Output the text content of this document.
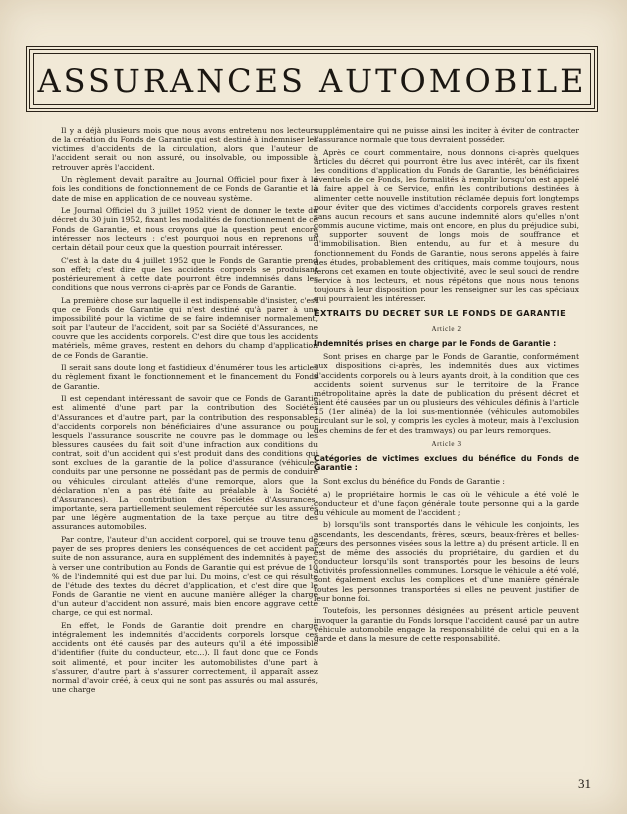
ASSURANCES AUTOMOBILE

Il y a déjà plusieurs mois que nous avons entretenu nos lecteurs de la création du Fonds de Garantie qui est destiné à indemniser les victimes d'accidents de la circulation, alors que l'auteur de l'accident serait ou non assuré, ou insolvable, ou impossible à retrouver après l'accident.

Un règlement devait paraître au Journal Officiel pour fixer à la fois les conditions de fonctionnement de ce Fonds de Garantie et la date de mise en application de ce nouveau système.

Le Journal Officiel du 3 juillet 1952 vient de donner le texte du décret du 30 juin 1952, fixant les modalités de fonctionnement de ce Fonds de Garantie, et nous croyons que la question peut encore intéresser nos lecteurs : c'est pourquoi nous en reprenons un certain détail pour ceux que la question pourrait intéresser.

C'est à la date du 4 juillet 1952 que le Fonds de Garantie prend son effet; c'est dire que les accidents corporels se produisant postérieurement à cette date pourront être indemnisés dans les conditions que nous verrons ci-après par ce Fonds de Garantie.

La première chose sur laquelle il est indispensable d'insister, c'est que ce Fonds de Garantie qui n'est destiné qu'à parer à une impossibilité pour la victime de se faire indemniser normalement, soit par l'auteur de l'accident, soit par sa Société d'Assurances, ne couvre que les accidents corporels. C'est dire que tous les accidents matériels, même graves, restent en dehors du champ d'application de ce Fonds de Garantie.

Il serait sans doute long et fastidieux d'énumérer tous les articles du règlement fixant le fonctionnement et le financement du Fonds de Garantie.

Il est cependant intéressant de savoir que ce Fonds de Garantie est alimenté d'une part par la contribution des Sociétés d'Assurances et d'autre part, par la contribution des responsables d'accidents corporels non bénéficiaires d'une assurance ou pour lesquels l'assurance souscrite ne couvre pas le dommage ou les blessures causées du fait soit d'une infraction aux conditions du contrat, soit d'un accident qui s'est produit dans des conditions qui sont exclues de la garantie de la police d'assurance (véhicules conduits par une personne ne possédant pas de permis de conduire ou véhicules circulant attelés d'une remorque, alors que la déclaration n'en a pas été faite au préalable à la Société d'Assurances). La contribution des Sociétés d'Assurances, importante, sera partiellement seulement répercutée sur les assurés par une légère augmentation de la taxe perçue au titre des assurances automobiles.

Par contre, l'auteur d'un accident corporel, qui se trouve tenu de payer de ses propres deniers les conséquences de cet accident par suite de non assurance, aura en supplément des indemnités à payer, à verser une contribution au Fonds de Garantie qui est prévue de 10 % de l'indemnité qui est due par lui. Du moins, c'est ce qui résulte de l'étude des textes du décret d'application, et c'est dire que le Fonds de Garantie ne vient en aucune manière alléger la charge d'un auteur d'accident non assuré, mais bien encore aggrave cette charge, ce qui est normal.

En effet, le Fonds de Garantie doit prendre en charge intégralement les indemnités d'accidents corporels lorsque ces accidents ont été causés par des auteurs qu'il a été impossible d'identifier (fuite du conducteur, etc...). Il faut donc que ce Fonds soit alimenté, et pour inciter les automobilistes d'une part à s'assurer, d'autre part à s'assurer correctement, il apparaît assez normal d'avoir créé, à ceux qui ne sont pas assurés ou mal assurés, une charge

supplémentaire qui ne puisse ainsi les inciter à éviter de contracter l'assurance normale que tous devraient posséder.

Après ce court commentaire, nous donnons ci-après quelques articles du décret qui pourront être lus avec intérêt, car ils fixent les conditions d'application du Fonds de Garantie, les bénéficiaires éventuels de ce Fonds, les formalités à remplir lorsqu'on est appelé à faire appel à ce Service, enfin les contributions destinées à alimenter cette nouvelle institution réclamée depuis fort longtemps pour éviter que des victimes d'accidents corporels graves restent sans aucun recours et sans aucune indemnité alors qu'elles n'ont commis aucune victime, mais ont encore, en plus du préjudice subi, à supporter souvent de longs mois de souffrance et d'immobilisation. Bien entendu, au fur et à mesure du fonctionnement du Fonds de Garantie, nous serons appelés à faire des études, probablement des critiques, mais comme toujours, nous ferons cet examen en toute objectivité, avec le seul souci de rendre service à nos lecteurs, et nous répétons que nous nous tenons toujours à leur disposition pour les renseigner sur les cas spéciaux qui pourraient les intéresser.

EXTRAITS DU DECRET SUR LE FONDS DE GARANTIE
Article 2
Indemnités prises en charge par le Fonds de Garantie :

Sont prises en charge par le Fonds de Garantie, conformément aux dispositions ci-après, les indemnités dues aux victimes d'accidents corporels ou à leurs ayants droit, à la condition que ces accidents soient survenus sur le territoire de la France métropolitaine après la date de publication du présent décret et aient été causées par un ou plusieurs des véhicules définis à l'article 15 (1er alinéa) de la loi sus-mentionnée (véhicules automobiles circulant sur le sol, y compris les cycles à moteur, mais à l'exclusion des chemins de fer et des tramways) ou par leurs remorques.

Article 3
Catégories de victimes exclues du bénéfice du Fonds de Garantie :

Sont exclus du bénéfice du Fonds de Garantie :

a) le propriétaire hormis le cas où le véhicule a été volé le conducteur et d'une façon générale toute personne qui a la garde du véhicule au moment de l'accident ;

b) lorsqu'ils sont transportés dans le véhicule les conjoints, les ascendants, les descendants, frères, sœurs, beaux-frères et belles-sœurs des personnes visées sous la lettre a) du présent article. Il en est de même des associés du propriétaire, du gardien et du conducteur lorsqu'ils sont transportés pour les besoins de leurs activités professionnelles communes. Lorsque le véhicule a été volé, sont également exclus les complices et d'une manière générale toutes les personnes transportées si elles ne peuvent justifier de leur bonne foi.

Toutefois, les personnes désignées au présent article peuvent invoquer la garantie du Fonds lorsque l'accident causé par un autre véhicule automobile engage la responsabilité de celui qui en a la garde et dans la mesure de cette responsabilité.

31
